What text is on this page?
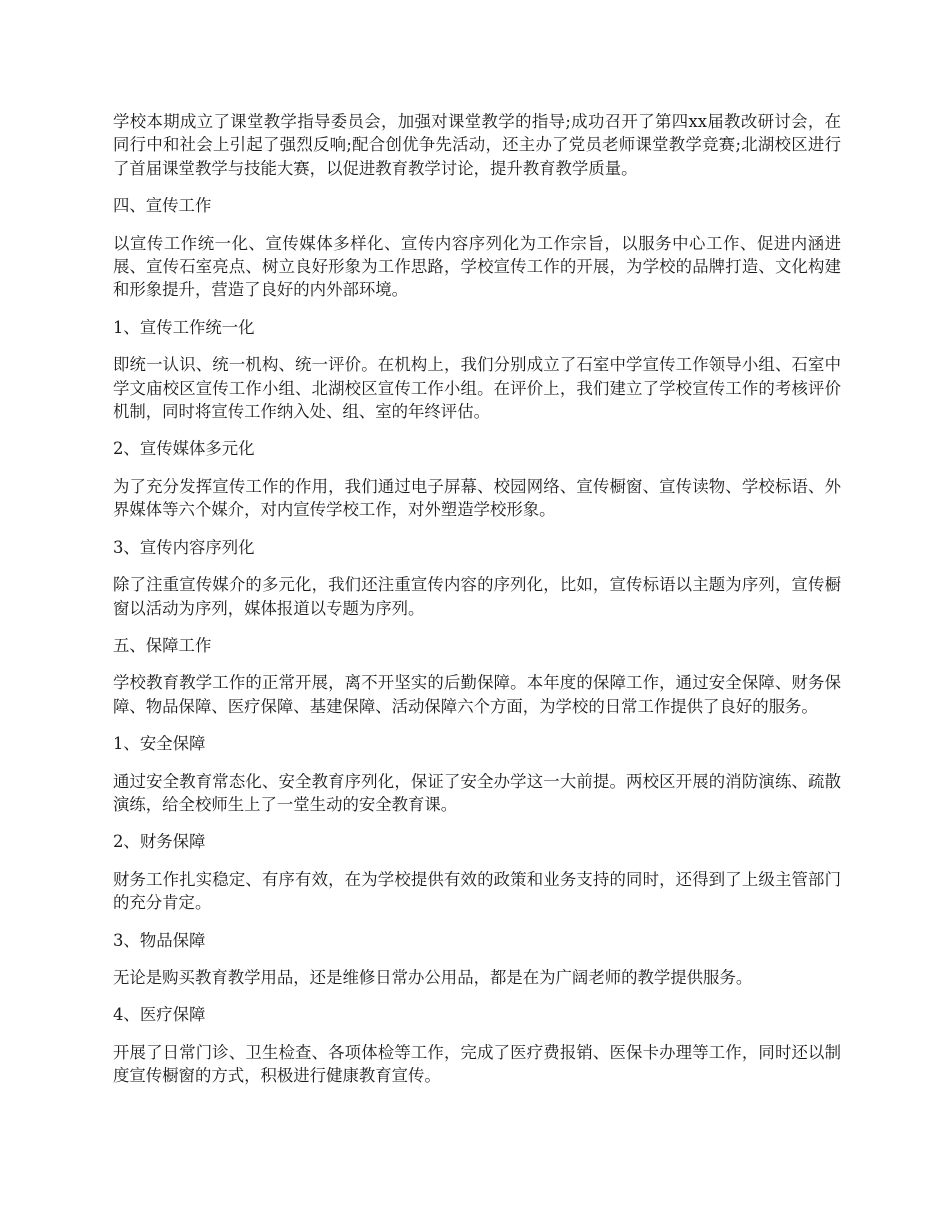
学校本期成立了课堂教学指导委员会，加强对课堂教学的指导;成功召开了第四xx届教改研讨会，在同行中和社会上引起了强烈反响;配合创优争先活动，还主办了党员老师课堂教学竞赛;北湖校区进行了首届课堂教学与技能大赛，以促进教育教学讨论，提升教育教学质量。

四、宣传工作

以宣传工作统一化、宣传媒体多样化、宣传内容序列化为工作宗旨，以服务中心工作、促进内涵进展、宣传石室亮点、树立良好形象为工作思路，学校宣传工作的开展，为学校的品牌打造、文化构建和形象提升，营造了良好的内外部环境。

1、宣传工作统一化

即统一认识、统一机构、统一评价。在机构上，我们分别成立了石室中学宣传工作领导小组、石室中学文庙校区宣传工作小组、北湖校区宣传工作小组。在评价上，我们建立了学校宣传工作的考核评价机制，同时将宣传工作纳入处、组、室的年终评估。

2、宣传媒体多元化

为了充分发挥宣传工作的作用，我们通过电子屏幕、校园网络、宣传橱窗、宣传读物、学校标语、外界媒体等六个媒介，对内宣传学校工作，对外塑造学校形象。

3、宣传内容序列化

除了注重宣传媒介的多元化，我们还注重宣传内容的序列化，比如，宣传标语以主题为序列，宣传橱窗以活动为序列，媒体报道以专题为序列。

五、保障工作

学校教育教学工作的正常开展，离不开坚实的后勤保障。本年度的保障工作，通过安全保障、财务保障、物品保障、医疗保障、基建保障、活动保障六个方面，为学校的日常工作提供了良好的服务。

1、安全保障

通过安全教育常态化、安全教育序列化，保证了安全办学这一大前提。两校区开展的消防演练、疏散演练，给全校师生上了一堂生动的安全教育课。

2、财务保障

财务工作扎实稳定、有序有效，在为学校提供有效的政策和业务支持的同时，还得到了上级主管部门的充分肯定。

3、物品保障

无论是购买教育教学用品，还是维修日常办公用品，都是在为广阔老师的教学提供服务。

4、医疗保障

开展了日常门诊、卫生检查、各项体检等工作，完成了医疗费报销、医保卡办理等工作，同时还以制度宣传橱窗的方式，积极进行健康教育宣传。
